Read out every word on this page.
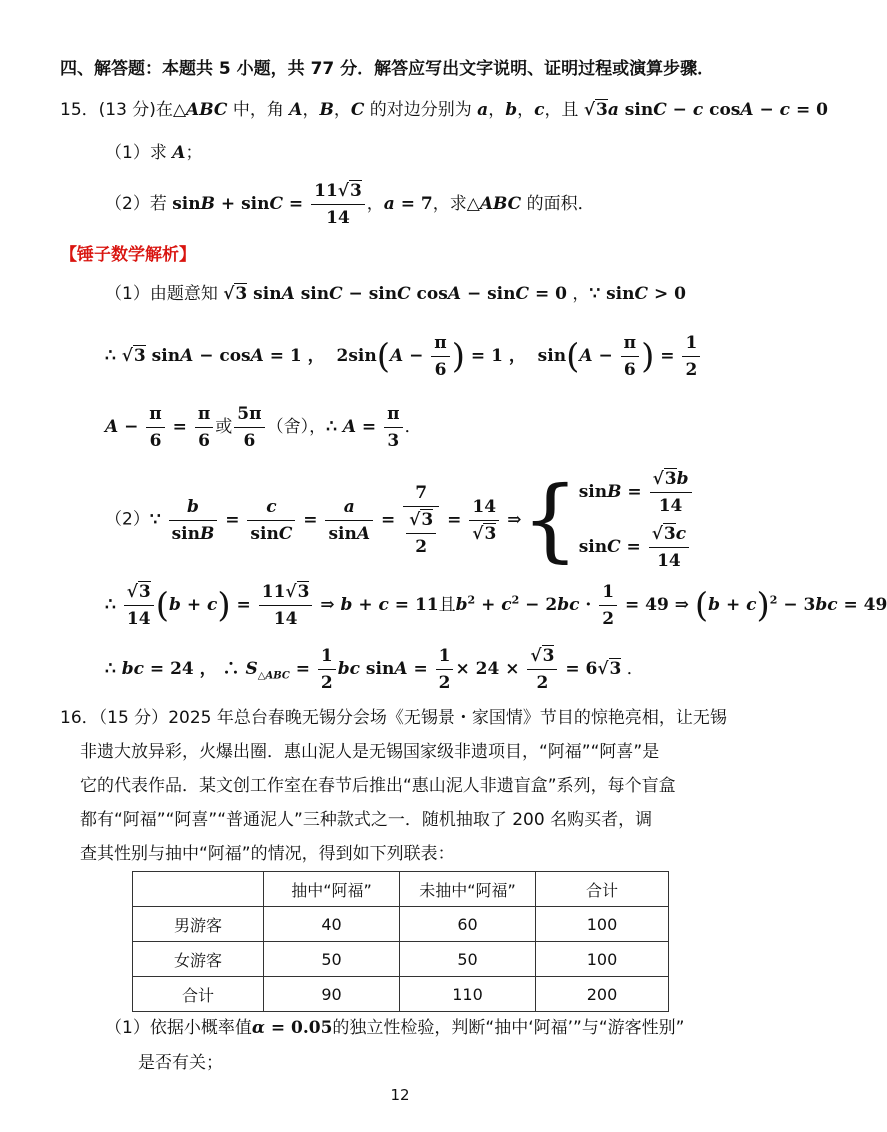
四、解答题：本题共 5 小题，共 77 分．解答应写出文字说明、证明过程或演算步骤．
15．(13 分)在△ABC 中，角 A，B，C 的对边分别为 a，b，c，且 √3a sinC − c cosA − c = 0
（1）求 A；
（2）若 $\sin B + \sin C = \frac{11√3}{14}$ ，a = 7，求△ABC 的面积．
【锤子数学解析】
（1）由题意知 √3 sinA sinC − sinC cosA − sinC = 0 ，∵ sinC > 0
∴ √3 sinA − cosA = 1 ，  $2\sin(A - \frac{\pi}{6}$ ) = 1 ，  $\sin(A - \frac{\pi}{6}$ ) = $\frac{1}{2}$
$A - \frac{\pi}{6} = \frac{\pi}{6}$ 或 $\frac{5\pi}{6}$ （舍），∴ $A = \frac{\pi}{3}$ ．
（2）∵ $\frac{b}{\sin B} = \frac{c}{\sin C} = \frac{a}{\sin A} = \frac{7}{\frac{√3}{2}} = \frac{14}{√3}$ ⇒{ $\sin B = \frac{√3b}{14}$
$\sin C = \frac{√3c}{14}$
∴ $\frac{√3}{14} (b + c) = \frac{11√3}{14}$ ⇒ b + c = 11且$b^2 + c^2 - 2bc \cdot \frac{1}{2} = 49$ ⇒ $(b + c)^2 - 3bc = 49$
∴ bc = 24 ， ∴ $S_{\triangle ABC} = \frac{1}{2}$ bc $\sin A = \frac{1}{2} \times 24 \times \frac{√3}{2} = 6√3$ ．
16．（15 分）2025 年总台春晚无锡分会场《无锡景・家国情》节目的惊艳亮相，让无锡
非遗大放异彩，火爆出圈．惠山泥人是无锡国家级非遗项目，“阿福”“阿喜”是
它的代表作品．某文创工作室在春节后推出“惠山泥人非遗盲盒”系列，每个盲盒
都有“阿福”“阿喜”“普通泥人”三种款式之一．随机抽取了 200 名购买者，调
查其性别与抽中“阿福”的情况，得到如下列联表：
	抽中“阿福”	未抽中“阿福”	合计
男游客	40	60	100
女游客	50	50	100
合计	90	110	200
（1）依据小概率值α = 0.05的独立性检验，判断“抽中‘阿福’”与“游客性别”
是否有关；
12
